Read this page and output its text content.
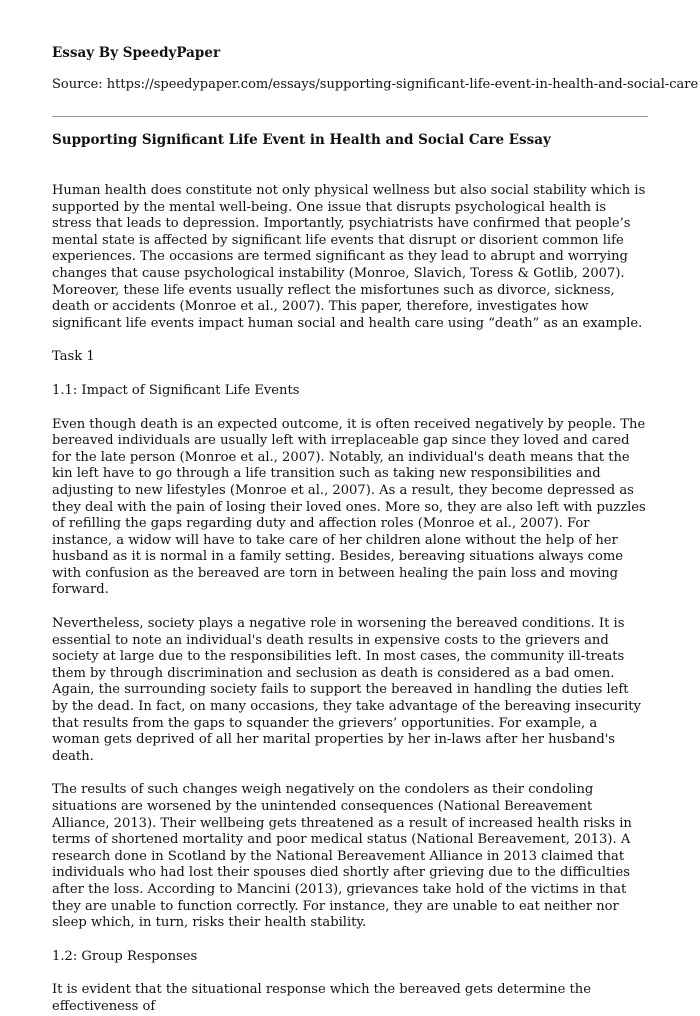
Essay By SpeedyPaper
Source: https://speedypaper.com/essays/supporting-significant-life-event-in-health-and-social-care
Supporting Significant Life Event in Health and Social Care Essay

Human health does constitute not only physical wellness but also social stability which is supported by the mental well-being. One issue that disrupts psychological health is stress that leads to depression. Importantly, psychiatrists have confirmed that people’s mental state is affected by significant life events that disrupt or disorient common life experiences. The occasions are termed significant as they lead to abrupt and worrying changes that cause psychological instability (Monroe, Slavich, Toress & Gotlib, 2007). Moreover, these life events usually reflect the misfortunes such as divorce, sickness, death or accidents (Monroe et al., 2007). This paper, therefore, investigates how significant life events impact human social and health care using “death” as an example.

Task 1

1.1: Impact of Significant Life Events

Even though death is an expected outcome, it is often received negatively by people. The bereaved individuals are usually left with irreplaceable gap since they loved and cared for the late person (Monroe et al., 2007). Notably, an individual's death means that the kin left have to go through a life transition such as taking new responsibilities and adjusting to new lifestyles (Monroe et al., 2007). As a result, they become depressed as they deal with the pain of losing their loved ones. More so, they are also left with puzzles of refilling the gaps regarding duty and affection roles (Monroe et al., 2007). For instance, a widow will have to take care of her children alone without the help of her husband as it is normal in a family setting. Besides, bereaving situations always come with confusion as the bereaved are torn in between healing the pain loss and moving forward.

Nevertheless, society plays a negative role in worsening the bereaved conditions. It is essential to note an individual's death results in expensive costs to the grievers and society at large due to the responsibilities left. In most cases, the community ill-treats them by through discrimination and seclusion as death is considered as a bad omen. Again, the surrounding society fails to support the bereaved in handling the duties left by the dead. In fact, on many occasions, they take advantage of the bereaving insecurity that results from the gaps to squander the grievers’ opportunities. For example, a woman gets deprived of all her marital properties by her in-laws after her husband's death.

The results of such changes weigh negatively on the condolers as their condoling situations are worsened by the unintended consequences (National Bereavement Alliance, 2013). Their wellbeing gets threatened as a result of increased health risks in terms of shortened mortality and poor medical status (National Bereavement, 2013). A research done in Scotland by the National Bereavement Alliance in 2013 claimed that individuals who had lost their spouses died shortly after grieving due to the difficulties after the loss. According to Mancini (2013), grievances take hold of the victims in that they are unable to function correctly. For instance, they are unable to eat neither nor sleep which, in turn, risks their health stability.

1.2: Group Responses

It is evident that the situational response which the bereaved gets determine the effectiveness of
